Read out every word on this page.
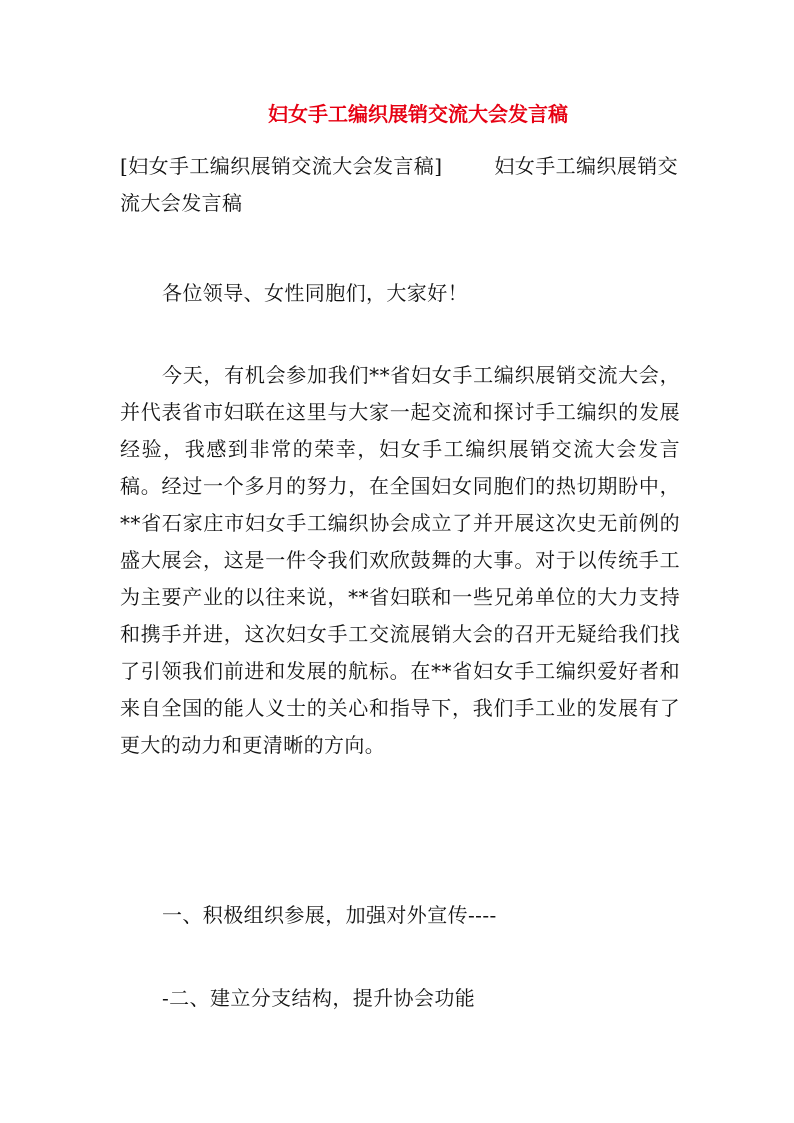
妇女手工编织展销交流大会发言稿
[妇女手工编织展销交流大会发言稿]	妇女手工编织展销交流大会发言稿
各位领导、女性同胞们，大家好！
今天，有机会参加我们**省妇女手工编织展销交流大会，并代表省市妇联在这里与大家一起交流和探讨手工编织的发展经验，我感到非常的荣幸，妇女手工编织展销交流大会发言稿。经过一个多月的努力，在全国妇女同胞们的热切期盼中，**省石家庄市妇女手工编织协会成立了并开展这次史无前例的盛大展会，这是一件令我们欢欣鼓舞的大事。对于以传统手工为主要产业的以往来说，**省妇联和一些兄弟单位的大力支持和携手并进，这次妇女手工交流展销大会的召开无疑给我们找了引领我们前进和发展的航标。在**省妇女手工编织爱好者和来自全国的能人义士的关心和指导下，我们手工业的发展有了更大的动力和更清晰的方向。
一、积极组织参展，加强对外宣传----
-二、建立分支结构，提升协会功能
